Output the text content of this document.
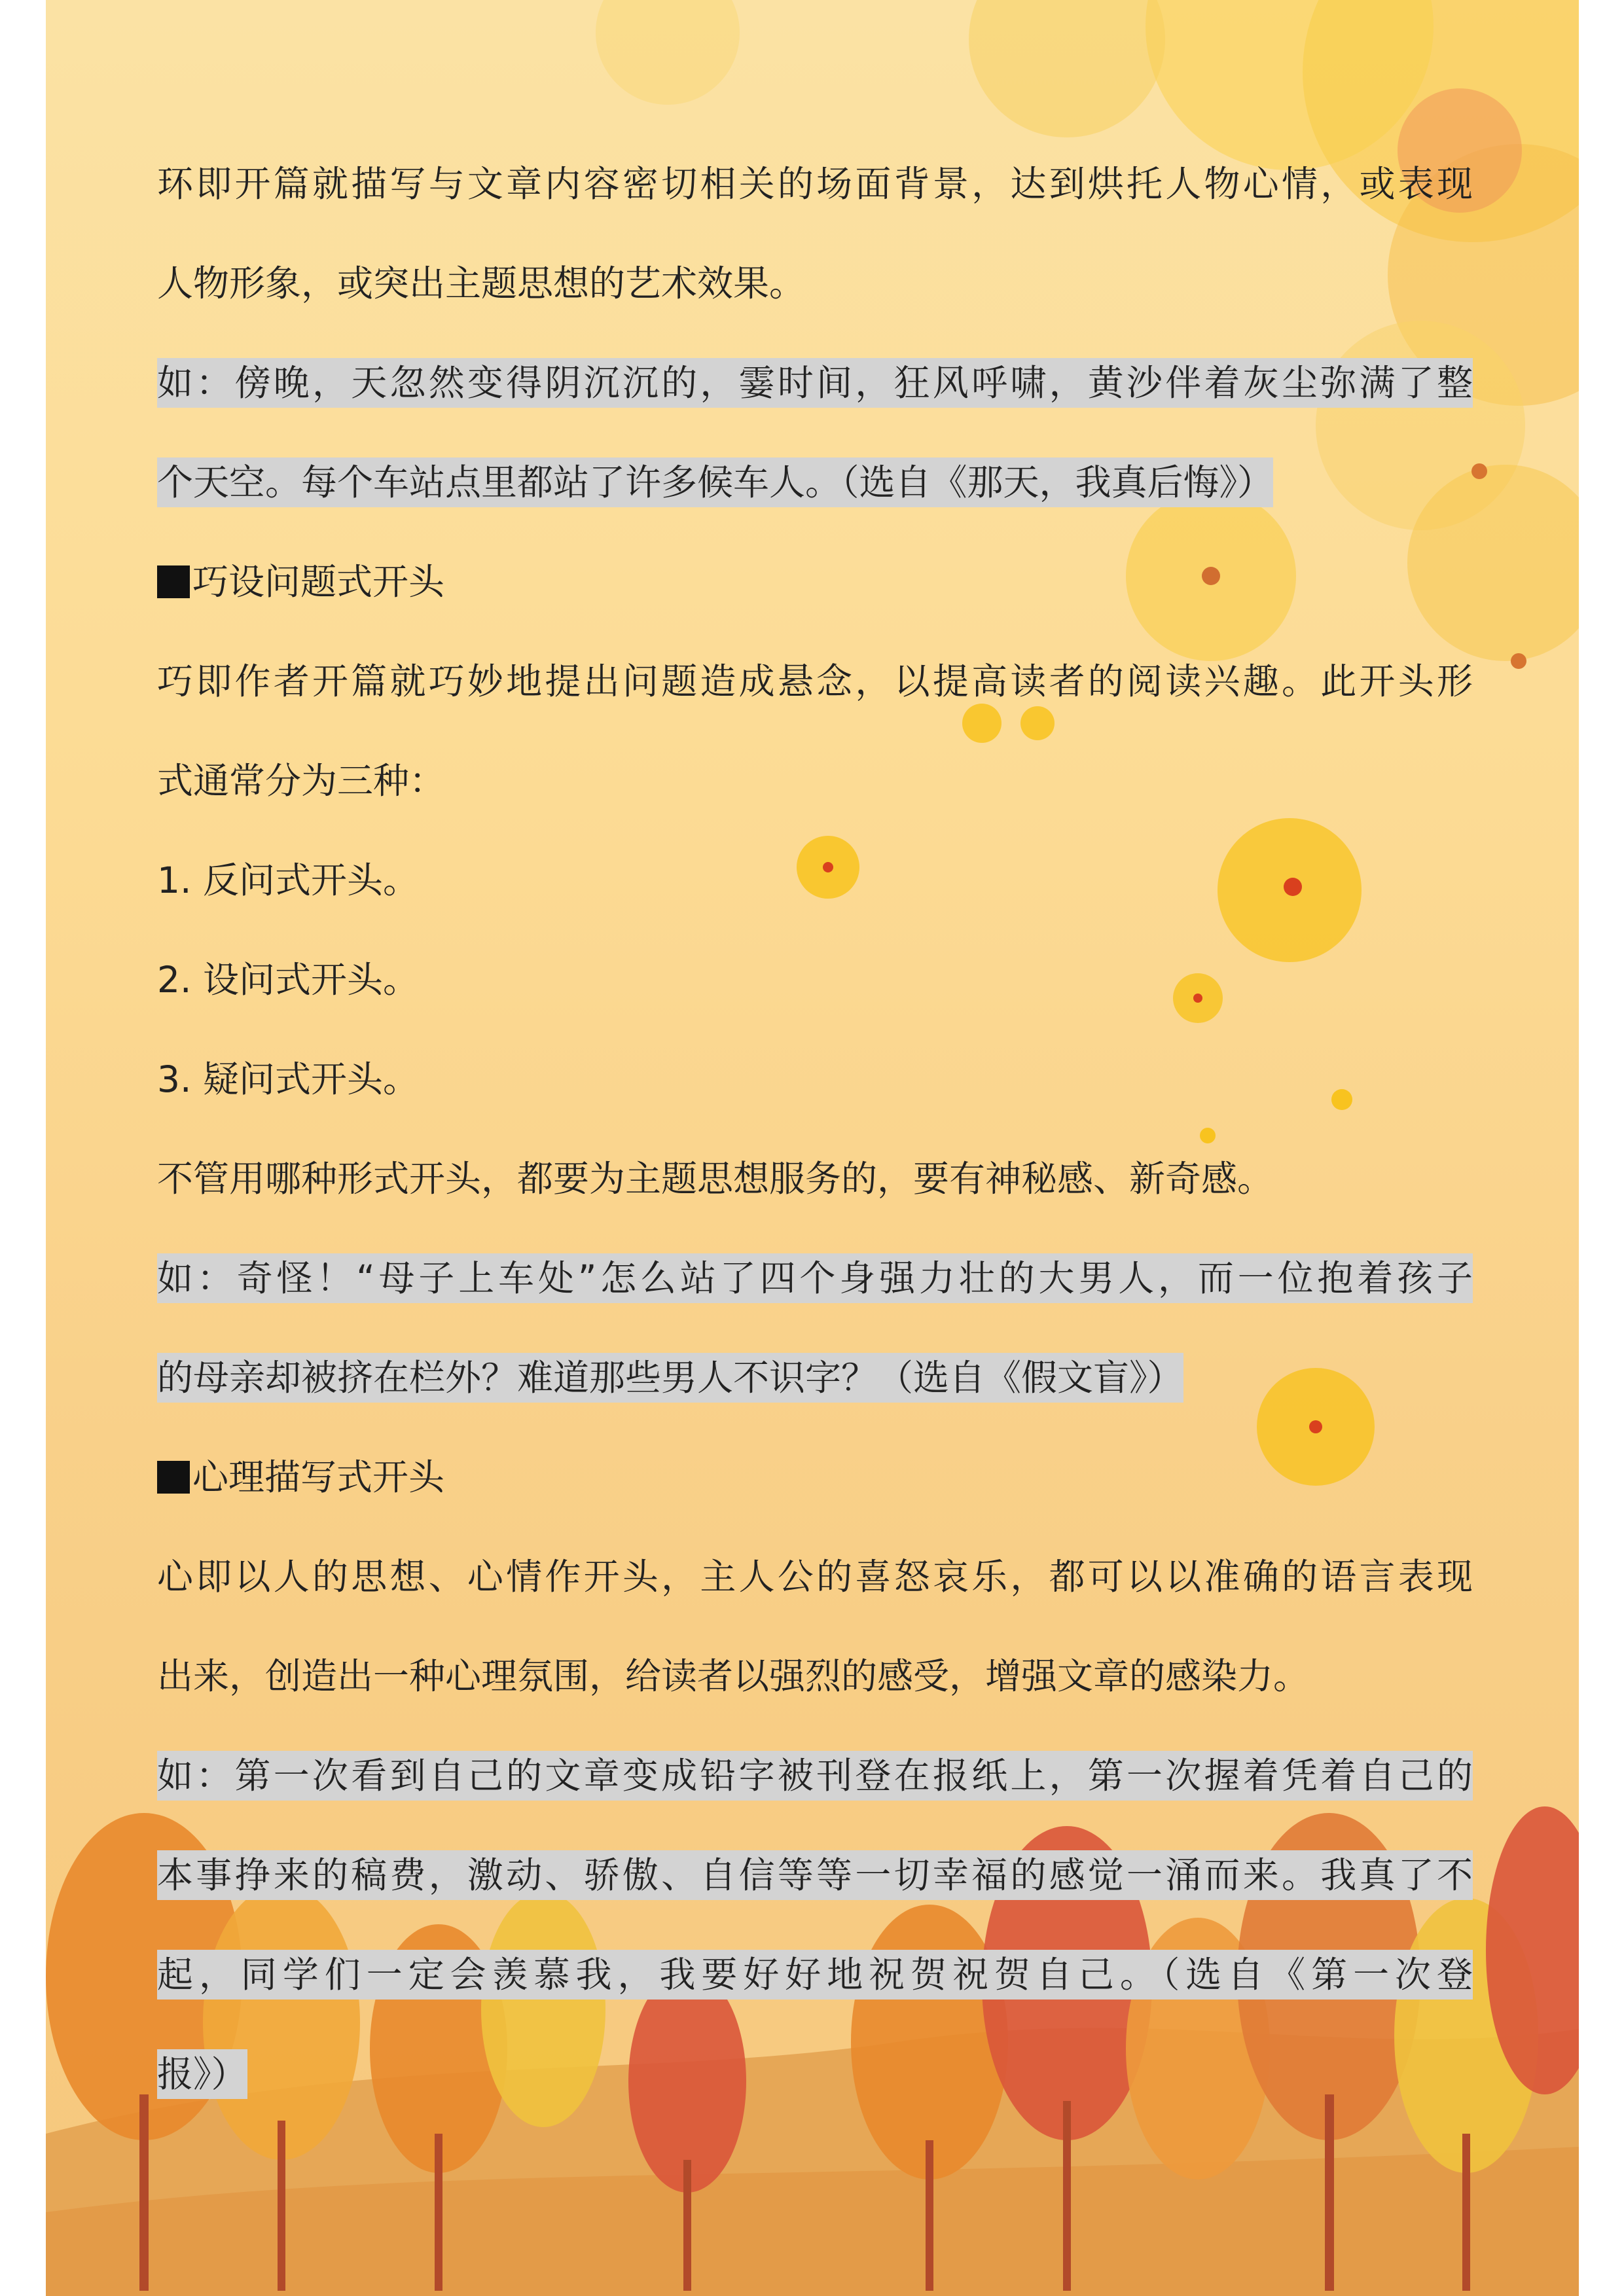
环即开篇就描写与文章内容密切相关的场面背景，达到烘托人物心情，或表现
人物形象，或突出主题思想的艺术效果。
如：傍晚，天忽然变得阴沉沉的，霎时间，狂风呼啸，黄沙伴着灰尘弥满了整
个天空。每个车站点里都站了许多候车人。（选自《那天，我真后悔》）
巧设问题式开头
巧即作者开篇就巧妙地提出问题造成悬念，以提高读者的阅读兴趣。此开头形
式通常分为三种：
1. 反问式开头。
2. 设问式开头。
3. 疑问式开头。
不管用哪种形式开头，都要为主题思想服务的，要有神秘感、新奇感。
如：奇怪！“母子上车处”怎么站了四个身强力壮的大男人，而一位抱着孩子
的母亲却被挤在栏外？难道那些男人不识字？（选自《假文盲》）
心理描写式开头
心即以人的思想、心情作开头，主人公的喜怒哀乐，都可以以准确的语言表现
出来，创造出一种心理氛围，给读者以强烈的感受，增强文章的感染力。
如：第一次看到自己的文章变成铅字被刊登在报纸上，第一次握着凭着自己的
本事挣来的稿费，激动、骄傲、自信等等一切幸福的感觉一涌而来。我真了不
起，同学们一定会羡慕我，我要好好地祝贺祝贺自己。（选自《第一次登
报》）
